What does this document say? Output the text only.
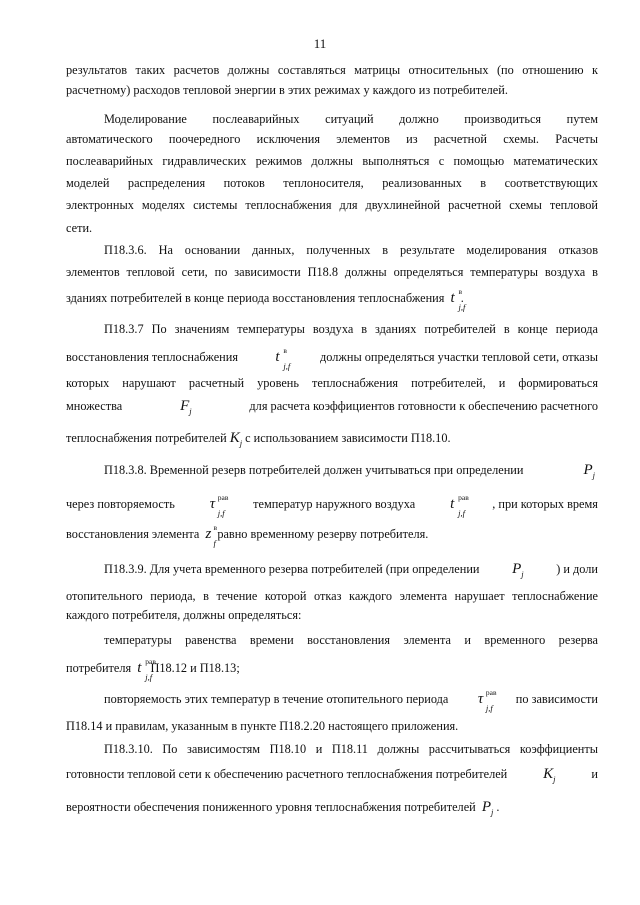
11
результатов таких расчетов должны составляться матрицы относительных (по отношению к
расчетному) расходов тепловой энергии в этих режимах у каждого из потребителей.
Моделирование послеаварийных ситуаций должно производиться путем
автоматического поочередного исключения элементов из расчетной схемы. Расчеты
послеаварийных гидравлических режимов должны выполняться с помощью математических
моделей распределения потоков теплоносителя, реализованных в соответствующих
электронных моделях системы теплоснабжения для двухлинейной расчетной схемы тепловой
сети.
П18.3.6. На основании данных, полученных в результате моделирования отказов
элементов тепловой сети, по зависимости П18.8 должны определяться температуры воздуха в
зданиях потребителей в конце периода восстановления теплоснабжения t в
j,f
.
П18.3.7 По значениям температуры воздуха в зданиях потребителей в конце периода
восстановления теплоснабжения t в
j,f
должны определяться участки тепловой сети, отказы
которых нарушают расчетный уровень теплоснабжения потребителей, и формироваться
множества	$F_j$	для расчета коэффициентов готовности к обеспечению расчетного
теплоснабжения потребителей $K_j$ с использованием зависимости П18.10.
П18.3.8. Временной резерв потребителей должен учитываться при определении	$P_j$
через повторяемость τ рав
j,f
температур наружного воздуха t рав
j,f
, при которых время
восстановления элемента z в
f
равно временному резерву потребителя.
П18.3.9. Для учета временного резерва потребителей (при определении $P_j$	) и доли
отопительного периода, в течение которой отказ каждого элемента нарушает теплоснабжение
каждого потребителя, должны определяться:
температуры равенства времени восстановления элемента и временного резерва
потребителя t рав
j,f
П18.12 и П18.13;
повторяемость этих температур в течение отопительного периода τ рав
j,f
по зависимости
П18.14 и правилам, указанным в пункте П18.2.20 настоящего приложения.
П18.3.10. По зависимостям П18.10 и П18.11 должны рассчитываться коэффициенты
готовности тепловой сети к обеспечению расчетного теплоснабжения потребителей $K_j$	и
вероятности обеспечения пониженного уровня теплоснабжения потребителей $P_j$ .
